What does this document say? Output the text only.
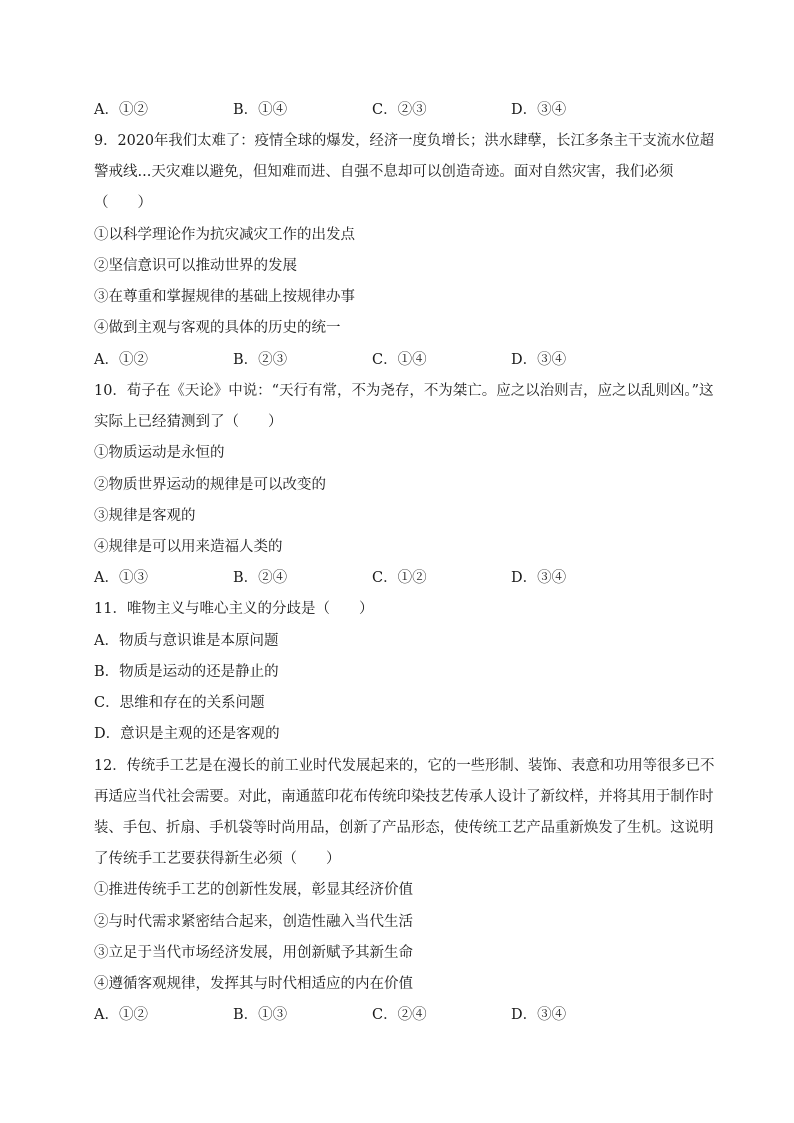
A．①②	B．①④	C．②③	D．③④
9．2020年我们太难了：疫情全球的爆发，经济一度负增长；洪水肆孽，长江多条主干支流水位超
警戒线...天灾难以避免，但知难而进、自强不息却可以创造奇迹。面对自然灾害，我们必须
（　　）
①以科学理论作为抗灾减灾工作的出发点
②坚信意识可以推动世界的发展
③在尊重和掌握规律的基础上按规律办事
④做到主观与客观的具体的历史的统一
A．①②	B．②③	C．①④	D．③④
10．荀子在《天论》中说：“天行有常，不为尧存，不为桀亡。应之以治则吉，应之以乱则凶。”这
实际上已经猜测到了（　　）
①物质运动是永恒的
②物质世界运动的规律是可以改变的
③规律是客观的
④规律是可以用来造福人类的
A．①③	B．②④	C．①②	D．③④
11．唯物主义与唯心主义的分歧是（　　）
A．物质与意识谁是本原问题
B．物质是运动的还是静止的
C．思维和存在的关系问题
D．意识是主观的还是客观的
12．传统手工艺是在漫长的前工业时代发展起来的，它的一些形制、装饰、表意和功用等很多已不
再适应当代社会需要。对此，南通蓝印花布传统印染技艺传承人设计了新纹样，并将其用于制作时
装、手包、折扇、手机袋等时尚用品，创新了产品形态，使传统工艺产品重新焕发了生机。这说明
了传统手工艺要获得新生必须（　　）
①推进传统手工艺的创新性发展，彰显其经济价值
②与时代需求紧密结合起来，创造性融入当代生活
③立足于当代市场经济发展，用创新赋予其新生命
④遵循客观规律，发挥其与时代相适应的内在价值
A．①②	B．①③	C．②④	D．③④
